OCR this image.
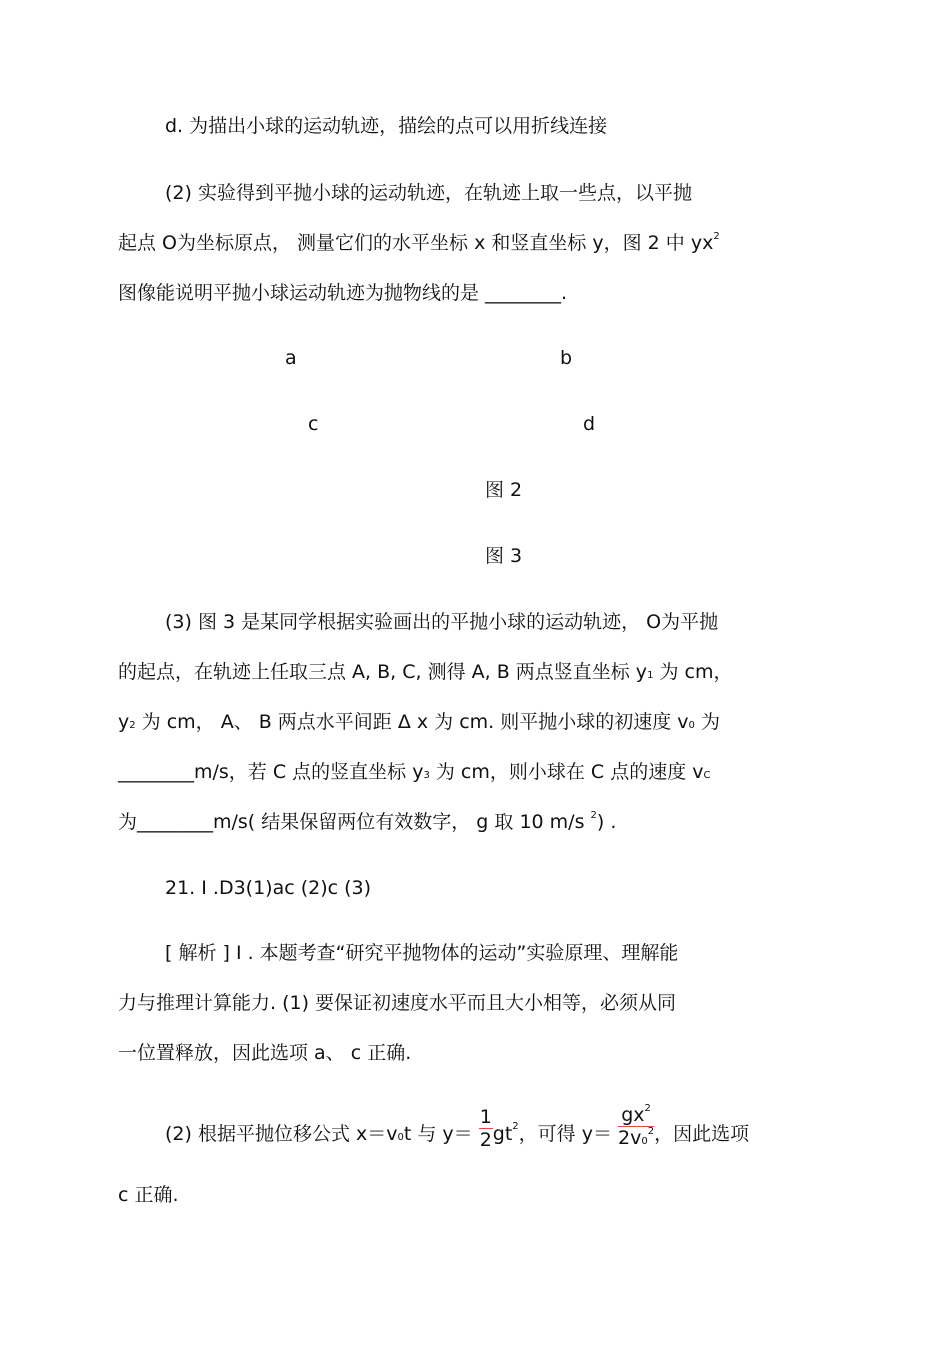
d. 为描出小球的运动轨迹，描绘的点可以用折线连接
(2) 实验得到平抛小球的运动轨迹，在轨迹上取一些点，以平抛
起点 O为坐标原点， 测量它们的水平坐标 x 和竖直坐标 y，图 2 中 $yx^2$
图像能说明平抛小球运动轨迹为抛物线的是 ________.
a	b
c	d
图 2
图 3
(3) 图 3 是某同学根据实验画出的平抛小球的运动轨迹， O为平抛
的起点，在轨迹上任取三点 A, B, C, 测得 A, B 两点竖直坐标 y1 为 cm，
y2 为 cm， A、 B 两点水平间距 Δ x 为 cm. 则平抛小球的初速度 v0 为
________m/s，若 C 点的竖直坐标 y3 为 cm，则小球在 C 点的速度 vC
为________m/s( 结果保留两位有效数字， g 取 10 m/s $^2$) .
21. Ⅰ .D3(1)ac (2)c (3)
[ 解析 ] Ⅰ . 本题考查“研究平抛物体的运动”实验原理、理解能
力与推理计算能力. (1) 要保证初速度水平而且大小相等，必须从同
一位置释放，因此选项 a、 c 正确.
(2) 根据平抛位移公式 x＝v0t 与 $y= \frac{1}{2} gt^2$，可得 $y= \frac{gx^2}{2v0^2}$ ，因此选项
c 正确.
